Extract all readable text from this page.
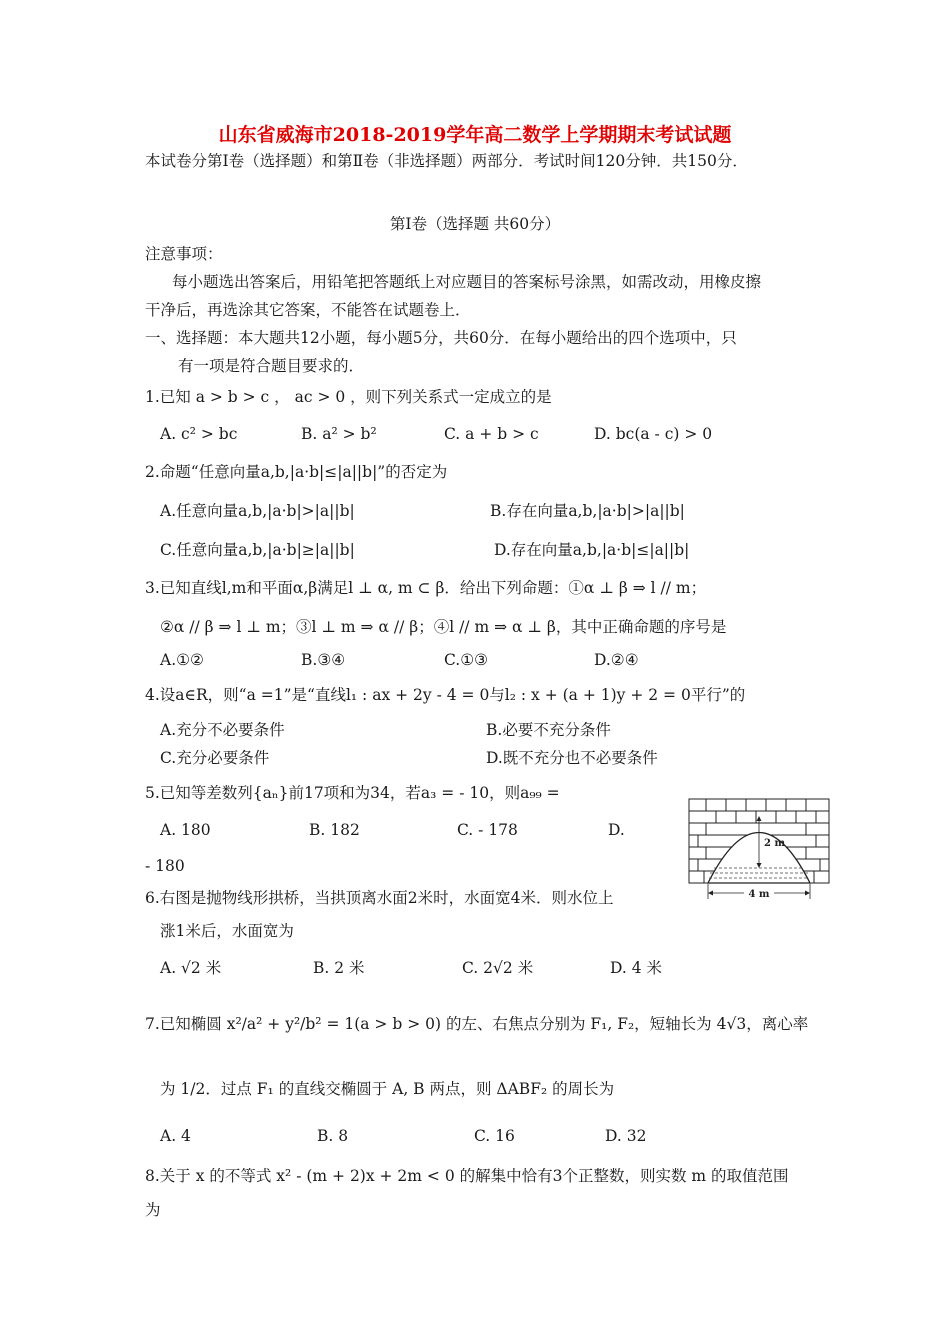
山东省威海市2018-2019学年高二数学上学期期末考试试题
本试卷分第Ⅰ卷（选择题）和第Ⅱ卷（非选择题）两部分．考试时间120分钟．共150分．
第Ⅰ卷（选择题 共60分）
注意事项：
每小题选出答案后，用铅笔把答题纸上对应题目的答案标号涂黑，如需改动，用橡皮擦
干净后，再选涂其它答案，不能答在试题卷上．
一、选择题：本大题共12小题，每小题5分，共60分．在每小题给出的四个选项中，只
有一项是符合题目要求的．
1.已知 a > b > c ， ac > 0 ，则下列关系式一定成立的是
A. c² > bc	B. a² > b²	C. a + b > c	D. bc(a - c) > 0
2.命题“任意向量a,b,|a·b|≤|a||b|”的否定为
A.任意向量a,b,|a·b|>|a||b|	B.存在向量a,b,|a·b|>|a||b|
C.任意向量a,b,|a·b|≥|a||b|	D.存在向量a,b,|a·b|≤|a||b|
3.已知直线l,m和平面α,β满足l ⊥ α, m ⊂ β．给出下列命题：①α ⊥ β ⇒ l // m；
②α // β ⇒ l ⊥ m；③l ⊥ m ⇒ α // β；④l // m ⇒ α ⊥ β，其中正确命题的序号是
A.①②	B.③④	C.①③	D.②④
4.设a∈R，则“a =1”是“直线l₁ : ax + 2y - 4 = 0与l₂ : x + (a + 1)y + 2 = 0平行”的
A.充分不必要条件	B.必要不充分条件
C.充分必要条件	D.既不充分也不必要条件
5.已知等差数列{aₙ}前17项和为34，若a₃ = - 10，则a₉₉ =
A. 180	B. 182	C. - 178	D.
- 180
2 m
4 m
6.右图是抛物线形拱桥，当拱顶离水面2米时，水面宽4米．则水位上
涨1米后，水面宽为
A. √2 米	B. 2 米	C. 2√2 米	D. 4 米
7.已知椭圆 x²/a² + y²/b² = 1(a > b > 0) 的左、右焦点分别为 F₁, F₂，短轴长为 4√3，离心率
为 1/2．过点 F₁ 的直线交椭圆于 A, B 两点，则 ΔABF₂ 的周长为
A. 4	B. 8	C. 16	D. 32
8.关于 x 的不等式 x² - (m + 2)x + 2m < 0 的解集中恰有3个正整数，则实数 m 的取值范围
为
